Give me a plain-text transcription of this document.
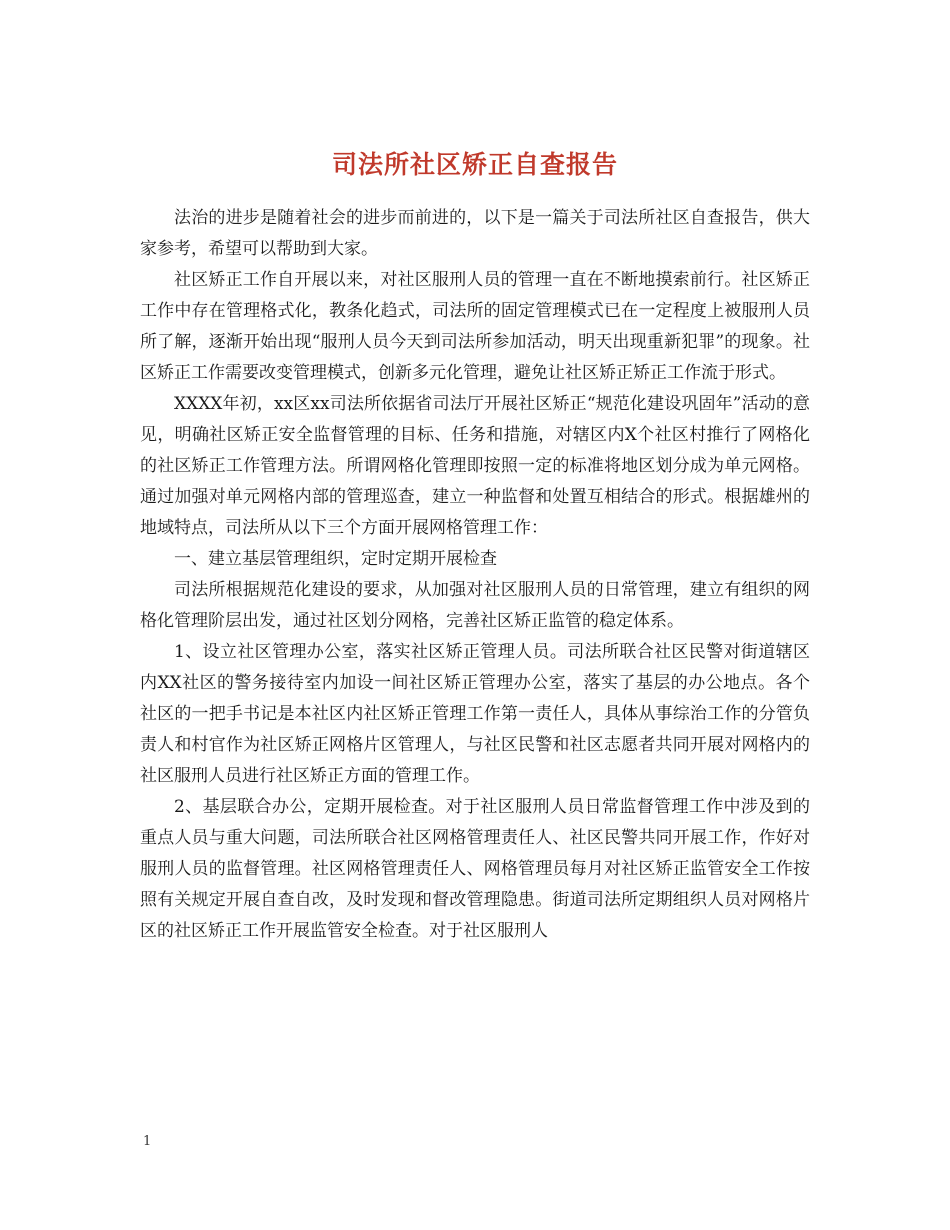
司法所社区矫正自查报告

法治的进步是随着社会的进步而前进的，以下是一篇关于司法所社区自查报告，供大家参考，希望可以帮助到大家。

社区矫正工作自开展以来，对社区服刑人员的管理一直在不断地摸索前行。社区矫正工作中存在管理格式化，教条化趋式，司法所的固定管理模式已在一定程度上被服刑人员所了解，逐渐开始出现“服刑人员今天到司法所参加活动，明天出现重新犯罪”的现象。社区矫正工作需要改变管理模式，创新多元化管理，避免让社区矫正矫正工作流于形式。

XXXX年初，xx区xx司法所依据省司法厅开展社区矫正“规范化建设巩固年”活动的意见，明确社区矫正安全监督管理的目标、任务和措施，对辖区内X个社区村推行了网格化的社区矫正工作管理方法。所谓网格化管理即按照一定的标准将地区划分成为单元网格。通过加强对单元网格内部的管理巡查，建立一种监督和处置互相结合的形式。根据雄州的地域特点，司法所从以下三个方面开展网格管理工作：

一、建立基层管理组织，定时定期开展检查

司法所根据规范化建设的要求，从加强对社区服刑人员的日常管理，建立有组织的网格化管理阶层出发，通过社区划分网格，完善社区矫正监管的稳定体系。

1、设立社区管理办公室，落实社区矫正管理人员。司法所联合社区民警对街道辖区内XX社区的警务接待室内加设一间社区矫正管理办公室，落实了基层的办公地点。各个社区的一把手书记是本社区内社区矫正管理工作第一责任人，具体从事综治工作的分管负责人和村官作为社区矫正网格片区管理人，与社区民警和社区志愿者共同开展对网格内的社区服刑人员进行社区矫正方面的管理工作。

2、基层联合办公，定期开展检查。对于社区服刑人员日常监督管理工作中涉及到的重点人员与重大问题，司法所联合社区网格管理责任人、社区民警共同开展工作，作好对服刑人员的监督管理。社区网格管理责任人、网格管理员每月对社区矫正监管安全工作按照有关规定开展自查自改，及时发现和督改管理隐患。街道司法所定期组织人员对网格片区的社区矫正工作开展监管安全检查。对于社区服刑人

1
